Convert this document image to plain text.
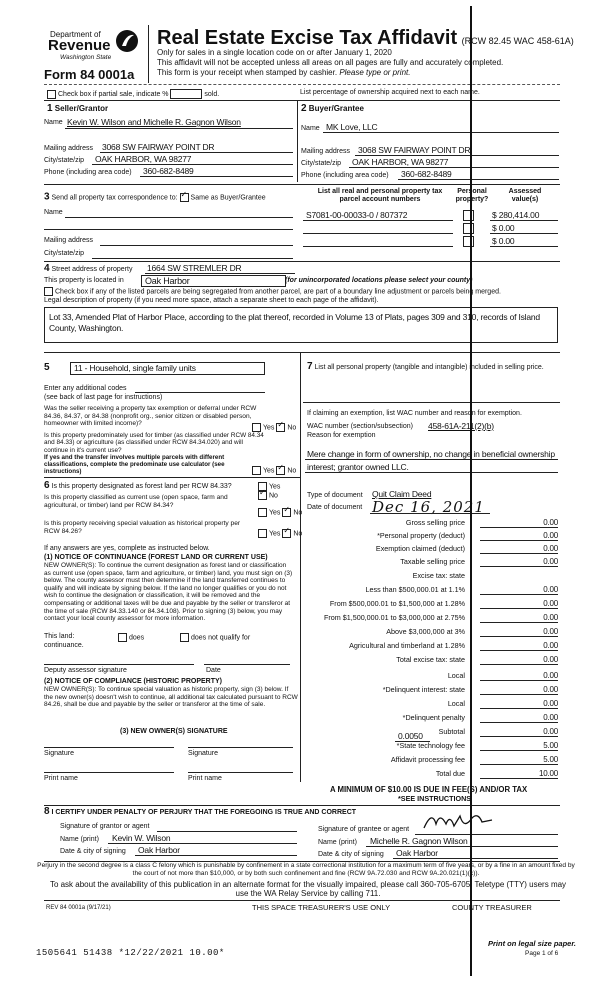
Department of
Revenue
Washington State
Form 84 0001a
Real Estate Excise Tax Affidavit (RCW 82.45 WAC 458-61A)
Only for sales in a single location code on or after January 1, 2020
This affidavit will not be accepted unless all areas on all pages are fully and accurately completed.
This form is your receipt when stamped by cashier. Please type or print.
Check box if partial sale, indicate %	sold.	List percentage of ownership acquired next to each name.
1 Seller/Grantor
Name Kevin W. Wilson and Michelle R. Gagnon Wilson
Mailing address 3068 SW FAIRWAY POINT DR
City/state/zip OAK HARBOR, WA 98277
Phone (including area code) 360-682-8489
2 Buyer/Grantee
Name MK Love, LLC
Mailing address 3068 SW FAIRWAY POINT DR
City/state/zip OAK HARBOR, WA 98277
Phone (including area code) 360-682-8489
3 Send all property tax correspondence to: ✓ Same as Buyer/Grantee
Name
Mailing address
City/state/zip
List all real and personal property tax
parcel account numbers
Personal
property?
Assessed
value(s)
S7081-00-00033-0 / 807372	$ 280,414.00
$ 0.00
$ 0.00
4 Street address of property 1664 SW STREMLER DR
This property is located in	Oak Harbor	(for unincorporated locations please select your county)
Check box if any of the listed parcels are being segregated from another parcel, are part of a boundary line adjustment or parcels being merged.
Legal description of property (if you need more space, attach a separate sheet to each page of the affidavit).
Lot 33, Amended Plat of Harbor Place, according to the plat thereof, recorded in Volume 13 of Plats, pages 309 and 310, records of Island County, Washington.
5	11 - Household, single family units
Enter any additional codes
(see back of last page for instructions)
Was the seller receiving a property tax exemption or deferral under RCW 84.36, 84.37, or 84.38 (nonprofit org., senior citizen or disabled person, homeowner with limited income)?
Yes ✓ No
Is this property predominately used for timber (as classified under RCW 84.34 and 84.33) or agriculture (as classified under RCW 84.34.020) and will continue in it's current use?
If yes and the transfer involves multiple parcels with different classifications, complete the predominate use calculator (see instructions)	Yes ✓ No
6 Is this property designated as forest land per RCW 84.33?	Yes
✓No
Is this property classified as current use (open space, farm and agricultural, or timber) land per RCW 84.34?
Yes ✓ No
Is this property receiving special valuation as historical property per RCW 84.26?	Yes ✓ No
If any answers are yes, complete as instructed below.
(1) NOTICE OF CONTINUANCE (FOREST LAND OR CURRENT USE)
NEW OWNER(S): To continue the current designation as forest land or classification as current use (open space, farm and agriculture, or timber) land, you must sign on (3) below. The county assessor must then determine if the land transferred continues to qualify and will indicate by signing below. If the land no longer qualifies or you do not wish to continue the designation or classification, it will be removed and the compensating or additional taxes will be due and payable by the seller or transferor at the time of sale (RCW 84.33.140 or 84.34.108). Prior to signing (3) below, you may contact your local county assessor for more information.
This land:	does	does not qualify for
continuance.
Deputy assessor signature	Date
(2) NOTICE OF COMPLIANCE (HISTORIC PROPERTY)
NEW OWNER(S): To continue special valuation as historic property, sign (3) below. If the new owner(s) doesn't wish to continue, all additional tax calculated pursuant to RCW 84.26, shall be due and payable by the seller or transferor at the time of sale.
(3) NEW OWNER(S) SIGNATURE
Signature	Signature
Print name	Print name
7 List all personal property (tangible and intangible) included in selling price.
If claiming an exemption, list WAC number and reason for exemption.
WAC number (section/subsection) 458-61A-211(2)(b)
Reason for exemption
Mere change in form of ownership, no change in beneficial ownership interest; grantor owned LLC.
Type of document Quit Claim Deed
Date of document Dec 16, 2021
Gross selling price	0.00
*Personal property (deduct)	0.00
Exemption claimed (deduct)	0.00
Taxable selling price	0.00
Excise tax: state
Less than $500,000.01 at 1.1%	0.00
From $500,000.01 to $1,500,000 at 1.28%	0.00
From $1,500,000.01 to $3,000,000 at 2.75%	0.00
Above $3,000,000 at 3%	0.00
Agricultural and timberland at 1.28%	0.00
Total excise tax: state	0.00
Local	0.00
*Delinquent interest: state	0.00
Local	0.00
*Delinquent penalty	0.00
Subtotal	0.00
*State technology fee	5.00
Affidavit processing fee	5.00
Total due	10.00
0.0050
A MINIMUM OF $10.00 IS DUE IN FEE(S) AND/OR TAX
*SEE INSTRUCTIONS
8 I CERTIFY UNDER PENALTY OF PERJURY THAT THE FOREGOING IS TRUE AND CORRECT
Signature of grantor or agent
Name (print) Kevin W. Wilson
Date & city of signing Oak Harbor
Signature of grantee or agent
Name (print) Michelle R. Gagnon Wilson
Date & city of signing Oak Harbor
Perjury in the second degree is a class C felony which is punishable by confinement in a state correctional institution for a maximum term of five years, or by a fine in an amount fixed by the court of not more than $10,000, or by both such confinement and fine (RCW 9A.72.030 and RCW 9A.20.021(1)(c)).
To ask about the availability of this publication in an alternate format for the visually impaired, please call 360-705-6705. Teletype (TTY) users may use the WA Relay Service by calling 711.
REV 84 0001a (9/17/21)	THIS SPACE TREASURER'S USE ONLY	COUNTY TREASURER
1505641 51438 *12/22/2021 10.00*
Print on legal size paper.
Page 1 of 6
